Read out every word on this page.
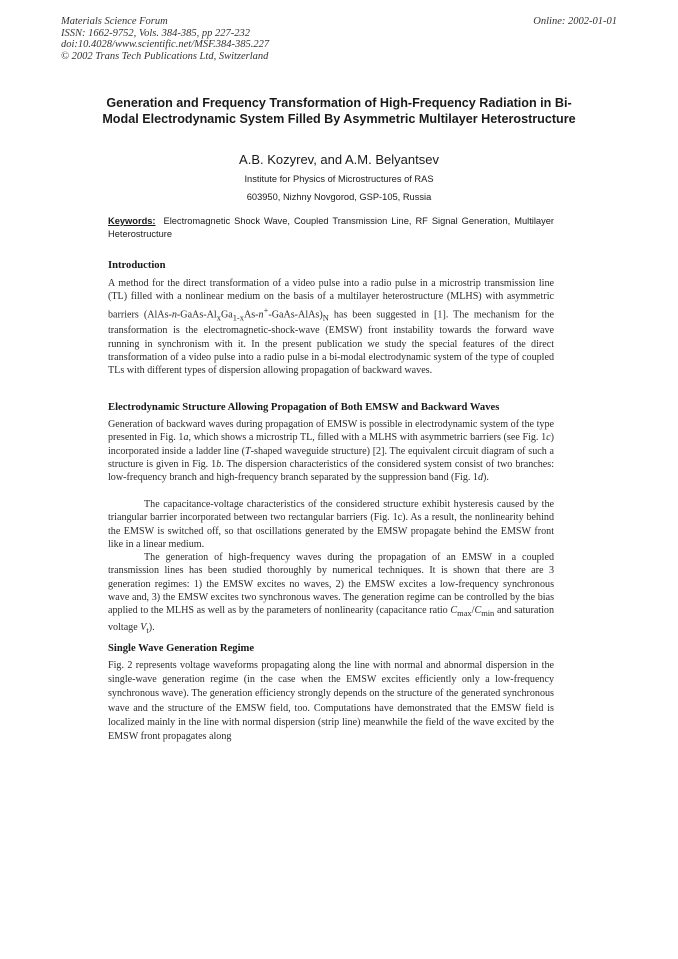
Materials Science Forum
ISSN: 1662-9752, Vols. 384-385, pp 227-232
doi:10.4028/www.scientific.net/MSF.384-385.227
© 2002 Trans Tech Publications Ltd, Switzerland
Online: 2002-01-01
Generation and Frequency Transformation of High-Frequency Radiation in Bi-Modal Electrodynamic System Filled By Asymmetric Multilayer Heterostructure
A.B. Kozyrev, and A.M. Belyantsev
Institute for Physics of Microstructures of RAS
603950, Nizhny Novgorod, GSP-105, Russia
Keywords: Electromagnetic Shock Wave, Coupled Transmission Line, RF Signal Generation, Multilayer Heterostructure
Introduction
A method for the direct transformation of a video pulse into a radio pulse in a microstrip transmission line (TL) filled with a nonlinear medium on the basis of a multilayer heterostructure (MLHS) with asymmetric barriers $(AlAs-n-GaAs-Al_xGa_{1-x}As-n^+-GaAs-AlAs)_N$ has been suggested in [1]. The mechanism for the transformation is the electromagnetic-shock-wave (EMSW) front instability towards the forward wave running in synchronism with it. In the present publication we study the special features of the direct transformation of a video pulse into a radio pulse in a bi-modal electrodynamic system of the type of coupled TLs with different types of dispersion allowing propagation of backward waves.
Electrodynamic Structure Allowing Propagation of Both EMSW and Backward Waves
Generation of backward waves during propagation of EMSW is possible in electrodynamic system of the type presented in Fig. 1a, which shows a microstrip TL, filled with a MLHS with asymmetric barriers (see Fig. 1c) incorporated inside a ladder line (T-shaped waveguide structure) [2]. The equivalent circuit diagram of such a structure is given in Fig. 1b. The dispersion characteristics of the considered system consist of two branches: low-frequency branch and high-frequency branch separated by the suppression band (Fig. 1d).
The capacitance-voltage characteristics of the considered structure exhibit hysteresis caused by the triangular barrier incorporated between two rectangular barriers (Fig. 1c). As a result, the nonlinearity behind the EMSW is switched off, so that oscillations generated by the EMSW propagate behind the EMSW front like in a linear medium.
The generation of high-frequency waves during the propagation of an EMSW in a coupled transmission lines has been studied thoroughly by numerical techniques. It is shown that there are 3 generation regimes: 1) the EMSW excites no waves, 2) the EMSW excites a low-frequency synchronous wave and, 3) the EMSW excites two synchronous waves. The generation regime can be controlled by the bias applied to the MLHS as well as by the parameters of nonlinearity (capacitance ratio $C_{max}/C_{min}$ and saturation voltage $V_t$).
Single Wave Generation Regime
Fig. 2 represents voltage waveforms propagating along the line with normal and abnormal dispersion in the single-wave generation regime (in the case when the EMSW excites efficiently only a low-frequency synchronous wave). The generation efficiency strongly depends on the structure of the generated synchronous wave and the structure of the EMSW field, too. Computations have demonstrated that the EMSW field is localized mainly in the line with normal dispersion (strip line) meanwhile the field of the wave excited by the EMSW front propagates along
